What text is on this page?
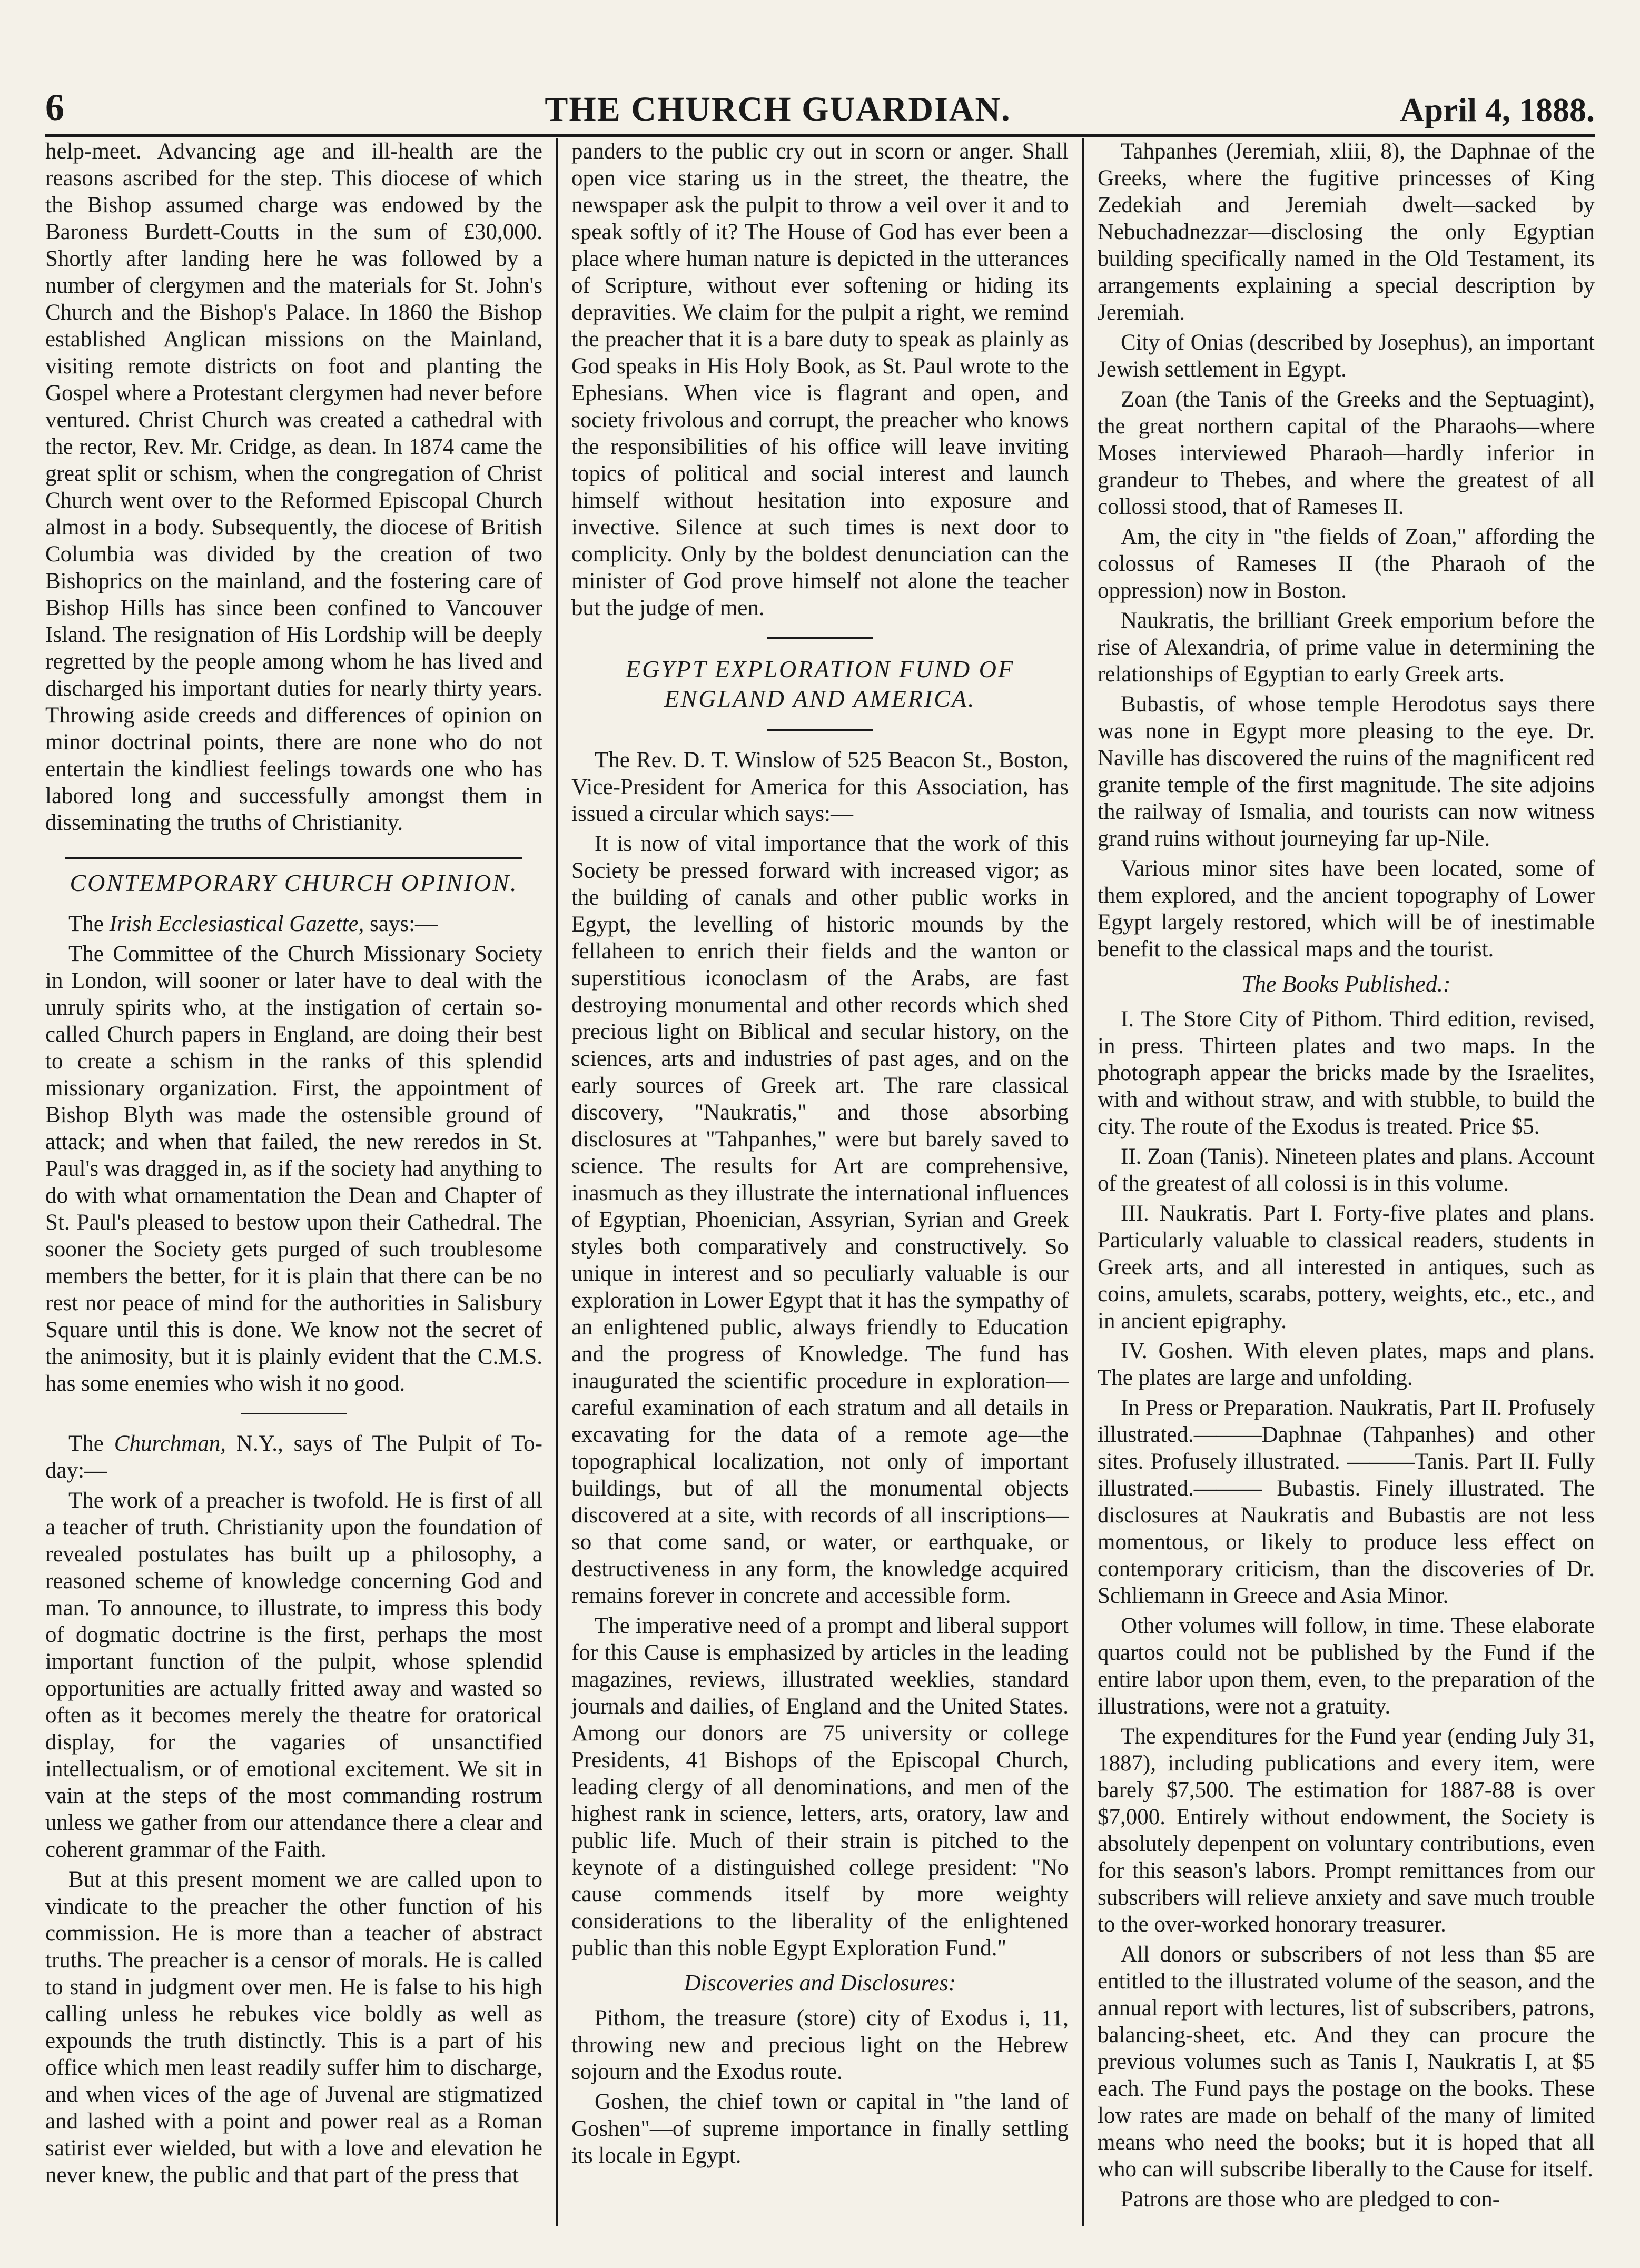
6	THE CHURCH GUARDIAN.	April 4, 1888.

help-meet. Advancing age and ill-health are the reasons ascribed for the step. This diocese of which the Bishop assumed charge was endowed by the Baroness Burdett-Coutts in the sum of £30,000. Shortly after landing here he was followed by a number of clergymen and the materials for St. John's Church and the Bishop's Palace. In 1860 the Bishop established Anglican missions on the Mainland, visiting remote districts on foot and planting the Gospel where a Protestant clergymen had never before ventured. Christ Church was created a cathedral with the rector, Rev. Mr. Cridge, as dean. In 1874 came the great split or schism, when the congregation of Christ Church went over to the Reformed Episcopal Church almost in a body. Subsequently, the diocese of British Columbia was divided by the creation of two Bishoprics on the mainland, and the fostering care of Bishop Hills has since been confined to Vancouver Island. The resignation of His Lordship will be deeply regretted by the people among whom he has lived and discharged his important duties for nearly thirty years. Throwing aside creeds and differences of opinion on minor doctrinal points, there are none who do not entertain the kindliest feelings towards one who has labored long and successfully amongst them in disseminating the truths of Christianity.

CONTEMPORARY CHURCH OPINION.

The Irish Ecclesiastical Gazette, says:—

The Committee of the Church Missionary Society in London, will sooner or later have to deal with the unruly spirits who, at the instigation of certain so-called Church papers in England, are doing their best to create a schism in the ranks of this splendid missionary organization. First, the appointment of Bishop Blyth was made the ostensible ground of attack; and when that failed, the new reredos in St. Paul's was dragged in, as if the society had anything to do with what ornamentation the Dean and Chapter of St. Paul's pleased to bestow upon their Cathedral. The sooner the Society gets purged of such troublesome members the better, for it is plain that there can be no rest nor peace of mind for the authorities in Salisbury Square until this is done. We know not the secret of the animosity, but it is plainly evident that the C.M.S. has some enemies who wish it no good.

The Churchman, N.Y., says of The Pulpit of To-day:—

The work of a preacher is twofold. He is first of all a teacher of truth. Christianity upon the foundation of revealed postulates has built up a philosophy, a reasoned scheme of knowledge concerning God and man. To announce, to illustrate, to impress this body of dogmatic doctrine is the first, perhaps the most important function of the pulpit, whose splendid opportunities are actually fritted away and wasted so often as it becomes merely the theatre for oratorical display, for the vagaries of unsanctified intellectualism, or of emotional excitement. We sit in vain at the steps of the most commanding rostrum unless we gather from our attendance there a clear and coherent grammar of the Faith.

But at this present moment we are called upon to vindicate to the preacher the other function of his commission. He is more than a teacher of abstract truths. The preacher is a censor of morals. He is called to stand in judgment over men. He is false to his high calling unless he rebukes vice boldly as well as expounds the truth distinctly. This is a part of his office which men least readily suffer him to discharge, and when vices of the age of Juvenal are stigmatized and lashed with a point and power real as a Roman satirist ever wielded, but with a love and elevation he never knew, the public and that part of the press that

panders to the public cry out in scorn or anger. Shall open vice staring us in the street, the theatre, the newspaper ask the pulpit to throw a veil over it and to speak softly of it? The House of God has ever been a place where human nature is depicted in the utterances of Scripture, without ever softening or hiding its depravities. We claim for the pulpit a right, we remind the preacher that it is a bare duty to speak as plainly as God speaks in His Holy Book, as St. Paul wrote to the Ephesians. When vice is flagrant and open, and society frivolous and corrupt, the preacher who knows the responsibilities of his office will leave inviting topics of political and social interest and launch himself without hesitation into exposure and invective. Silence at such times is next door to complicity. Only by the boldest denunciation can the minister of God prove himself not alone the teacher but the judge of men.

EGYPT EXPLORATION FUND OF ENGLAND AND AMERICA.

The Rev. D. T. Winslow of 525 Beacon St., Boston, Vice-President for America for this Association, has issued a circular which says:—

It is now of vital importance that the work of this Society be pressed forward with increased vigor; as the building of canals and other public works in Egypt, the levelling of historic mounds by the fellaheen to enrich their fields and the wanton or superstitious iconoclasm of the Arabs, are fast destroying monumental and other records which shed precious light on Biblical and secular history, on the sciences, arts and industries of past ages, and on the early sources of Greek art. The rare classical discovery, "Naukratis," and those absorbing disclosures at "Tahpanhes," were but barely saved to science. The results for Art are comprehensive, inasmuch as they illustrate the international influences of Egyptian, Phoenician, Assyrian, Syrian and Greek styles both comparatively and constructively. So unique in interest and so peculiarly valuable is our exploration in Lower Egypt that it has the sympathy of an enlightened public, always friendly to Education and the progress of Knowledge. The fund has inaugurated the scientific procedure in exploration—careful examination of each stratum and all details in excavating for the data of a remote age—the topographical localization, not only of important buildings, but of all the monumental objects discovered at a site, with records of all inscriptions—so that come sand, or water, or earthquake, or destructiveness in any form, the knowledge acquired remains forever in concrete and accessible form.

The imperative need of a prompt and liberal support for this Cause is emphasized by articles in the leading magazines, reviews, illustrated weeklies, standard journals and dailies, of England and the United States. Among our donors are 75 university or college Presidents, 41 Bishops of the Episcopal Church, leading clergy of all denominations, and men of the highest rank in science, letters, arts, oratory, law and public life. Much of their strain is pitched to the keynote of a distinguished college president: "No cause commends itself by more weighty considerations to the liberality of the enlightened public than this noble Egypt Exploration Fund."

Discoveries and Disclosures:

Pithom, the treasure (store) city of Exodus i, 11, throwing new and precious light on the Hebrew sojourn and the Exodus route.

Goshen, the chief town or capital in "the land of Goshen"—of supreme importance in finally settling its locale in Egypt.

Tahpanhes (Jeremiah, xliii, 8), the Daphnae of the Greeks, where the fugitive princesses of King Zedekiah and Jeremiah dwelt—sacked by Nebuchadnezzar—disclosing the only Egyptian building specifically named in the Old Testament, its arrangements explaining a special description by Jeremiah.

City of Onias (described by Josephus), an important Jewish settlement in Egypt.

Zoan (the Tanis of the Greeks and the Septuagint), the great northern capital of the Pharaohs—where Moses interviewed Pharaoh—hardly inferior in grandeur to Thebes, and where the greatest of all collossi stood, that of Rameses II.

Am, the city in "the fields of Zoan," affording the colossus of Rameses II (the Pharaoh of the oppression) now in Boston.

Naukratis, the brilliant Greek emporium before the rise of Alexandria, of prime value in determining the relationships of Egyptian to early Greek arts.

Bubastis, of whose temple Herodotus says there was none in Egypt more pleasing to the eye. Dr. Naville has discovered the ruins of the magnificent red granite temple of the first magnitude. The site adjoins the railway of Ismalia, and tourists can now witness grand ruins without journeying far up-Nile.

Various minor sites have been located, some of them explored, and the ancient topography of Lower Egypt largely restored, which will be of inestimable benefit to the classical maps and the tourist.

The Books Published.:

I. The Store City of Pithom. Third edition, revised, in press. Thirteen plates and two maps. In the photograph appear the bricks made by the Israelites, with and without straw, and with stubble, to build the city. The route of the Exodus is treated. Price $5.

II. Zoan (Tanis). Nineteen plates and plans. Account of the greatest of all colossi is in this volume.

III. Naukratis. Part I. Forty-five plates and plans. Particularly valuable to classical readers, students in Greek arts, and all interested in antiques, such as coins, amulets, scarabs, pottery, weights, etc., etc., and in ancient epigraphy.

IV. Goshen. With eleven plates, maps and plans. The plates are large and unfolding.

In Press or Preparation. Naukratis, Part II. Profusely illustrated.———Daphnae (Tahpanhes) and other sites. Profusely illustrated. ———Tanis. Part II. Fully illustrated.——— Bubastis. Finely illustrated. The disclosures at Naukratis and Bubastis are not less momentous, or likely to produce less effect on contemporary criticism, than the discoveries of Dr. Schliemann in Greece and Asia Minor.

Other volumes will follow, in time. These elaborate quartos could not be published by the Fund if the entire labor upon them, even, to the preparation of the illustrations, were not a gratuity.

The expenditures for the Fund year (ending July 31, 1887), including publications and every item, were barely $7,500. The estimation for 1887-88 is over $7,000. Entirely without endowment, the Society is absolutely depenpent on voluntary contributions, even for this season's labors. Prompt remittances from our subscribers will relieve anxiety and save much trouble to the over-worked honorary treasurer.

All donors or subscribers of not less than $5 are entitled to the illustrated volume of the season, and the annual report with lectures, list of subscribers, patrons, balancing-sheet, etc. And they can procure the previous volumes such as Tanis I, Naukratis I, at $5 each. The Fund pays the postage on the books. These low rates are made on behalf of the many of limited means who need the books; but it is hoped that all who can will subscribe liberally to the Cause for itself.

Patrons are those who are pledged to con-
